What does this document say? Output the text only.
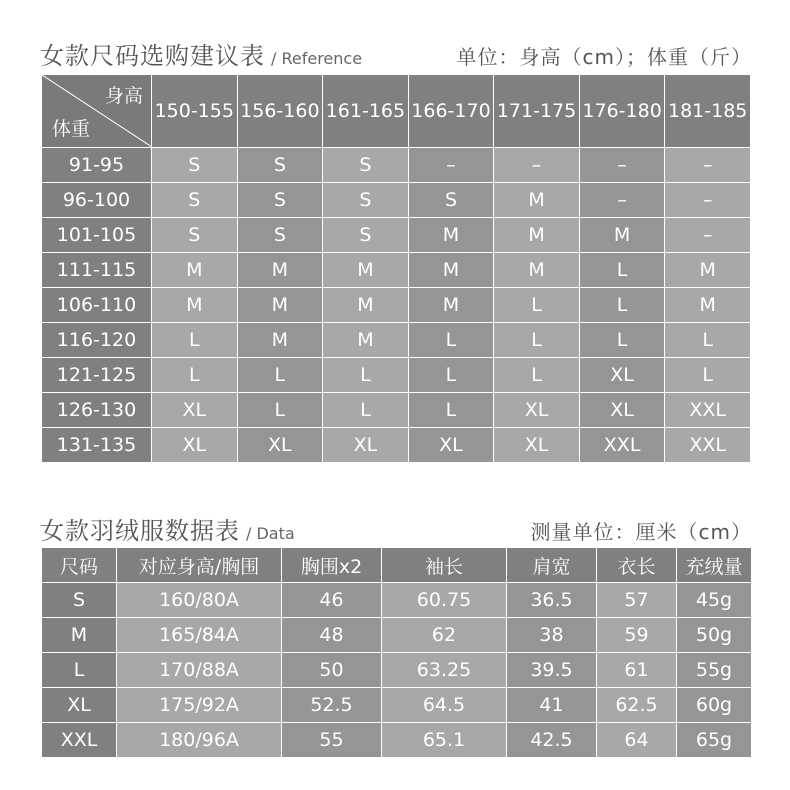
女款尺码选购建议表 / Reference	单位：身高（cm）；体重（斤）
身高
体重	150-155	156-160	161-165	166-170	171-175	176-180	181-185
91-95	S	S	S	–	–	–	–
96-100	S	S	S	S	M	–	–
101-105	S	S	S	M	M	M	–
111-115	M	M	M	M	M	L	M
106-110	M	M	M	M	L	L	M
116-120	L	M	M	L	L	L	L
121-125	L	L	L	L	L	XL	L
126-130	XL	L	L	L	XL	XL	XXL
131-135	XL	XL	XL	XL	XL	XXL	XXL
女款羽绒服数据表 / Data	测量单位：厘米（cm）
尺码	对应身高/胸围	胸围x2	袖长	肩宽	衣长	充绒量
S	160/80A	46	60.75	36.5	57	45g
M	165/84A	48	62	38	59	50g
L	170/88A	50	63.25	39.5	61	55g
XL	175/92A	52.5	64.5	41	62.5	60g
XXL	180/96A	55	65.1	42.5	64	65g
